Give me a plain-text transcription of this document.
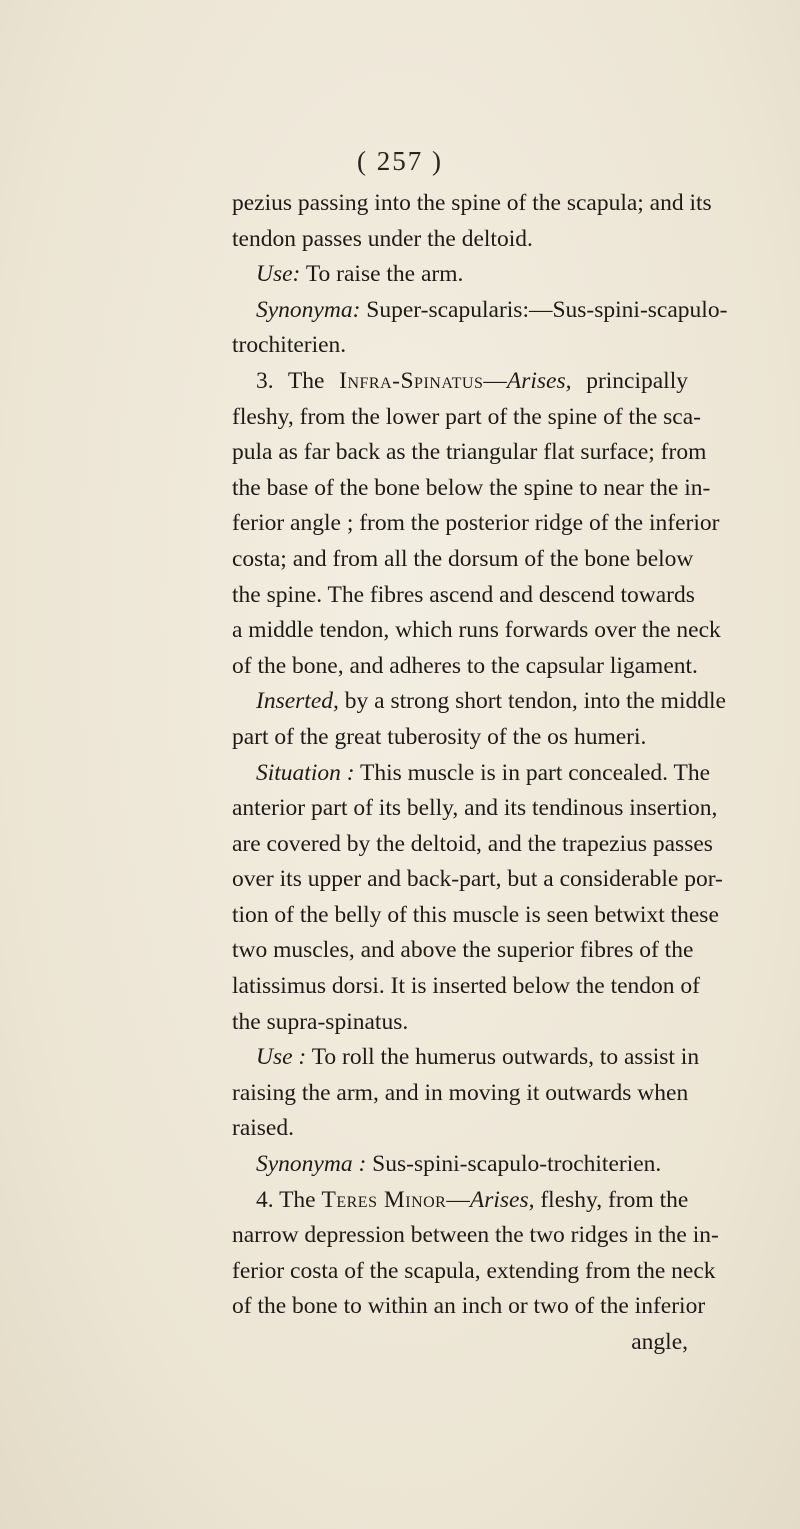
( 257 )
pezius passing into the spine of the scapula; and its
tendon passes under the deltoid.
Use: To raise the arm.
Synonyma: Super-scapularis:—Sus-spini-scapulo-
trochiterien.
3. The Infra-Spinatus—Arises, principally
fleshy, from the lower part of the spine of the sca-
pula as far back as the triangular flat surface; from
the base of the bone below the spine to near the in-
ferior angle ; from the posterior ridge of the inferior
costa; and from all the dorsum of the bone below
the spine. The fibres ascend and descend towards
a middle tendon, which runs forwards over the neck
of the bone, and adheres to the capsular ligament.
Inserted, by a strong short tendon, into the middle
part of the great tuberosity of the os humeri.
Situation : This muscle is in part concealed. The
anterior part of its belly, and its tendinous insertion,
are covered by the deltoid, and the trapezius passes
over its upper and back-part, but a considerable por-
tion of the belly of this muscle is seen betwixt these
two muscles, and above the superior fibres of the
latissimus dorsi. It is inserted below the tendon of
the supra-spinatus.
Use : To roll the humerus outwards, to assist in
raising the arm, and in moving it outwards when
raised.
Synonyma : Sus-spini-scapulo-trochiterien.
4. The Teres Minor—Arises, fleshy, from the
narrow depression between the two ridges in the in-
ferior costa of the scapula, extending from the neck
of the bone to within an inch or two of the inferior
angle,
